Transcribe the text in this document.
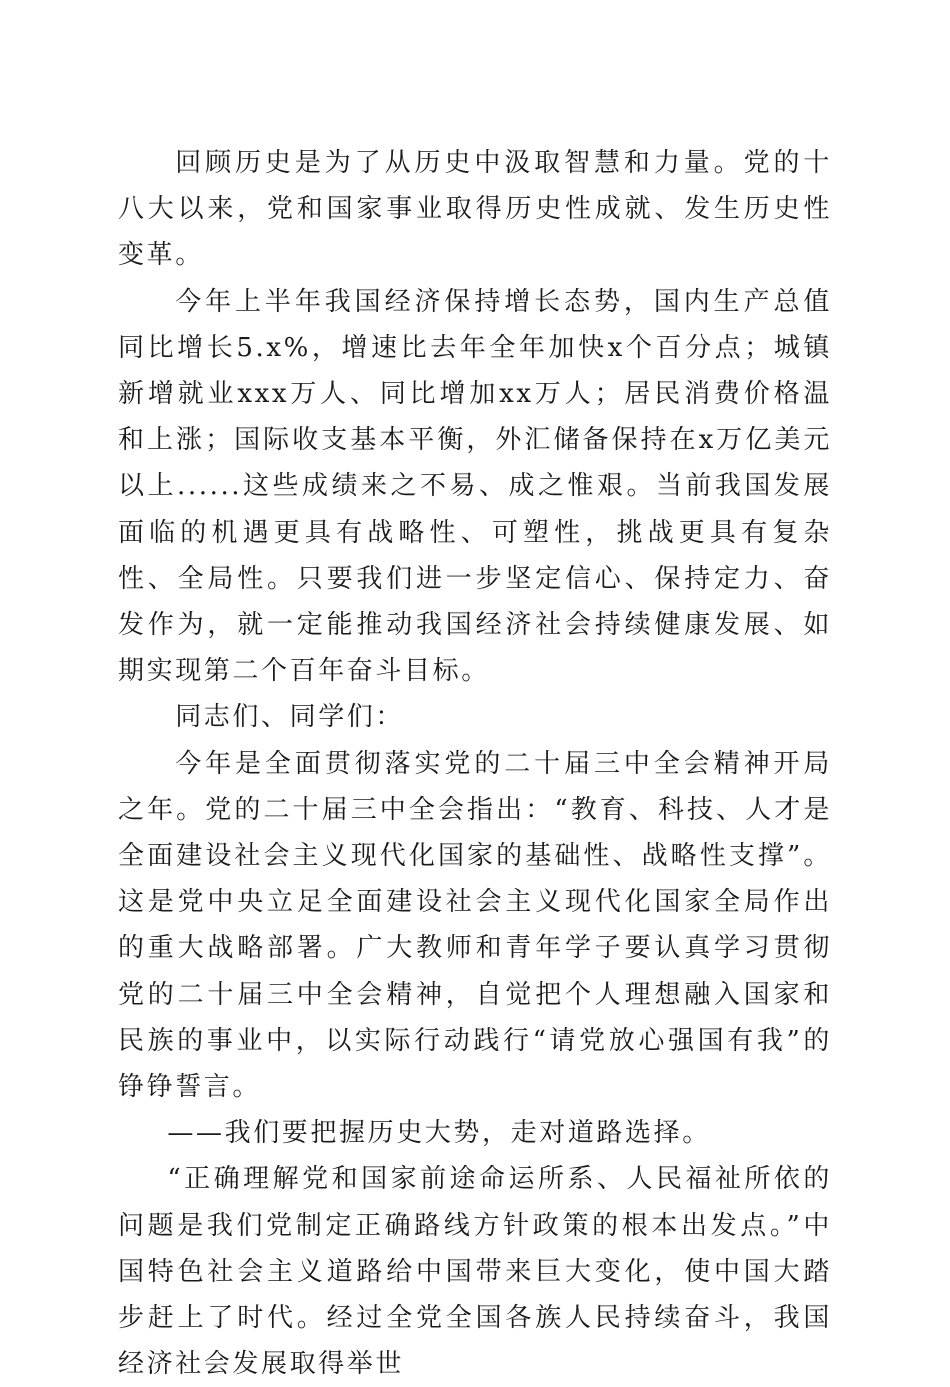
回顾历史是为了从历史中汲取智慧和力量。党的十八大以来，党和国家事业取得历史性成就、发生历史性变革。

今年上半年我国经济保持增长态势，国内生产总值同比增长5.x%，增速比去年全年加快x个百分点；城镇新增就业xxx万人、同比增加xx万人；居民消费价格温和上涨；国际收支基本平衡，外汇储备保持在x万亿美元以上......这些成绩来之不易、成之惟艰。当前我国发展面临的机遇更具有战略性、可塑性，挑战更具有复杂性、全局性。只要我们进一步坚定信心、保持定力、奋发作为，就一定能推动我国经济社会持续健康发展、如期实现第二个百年奋斗目标。

同志们、同学们：

今年是全面贯彻落实党的二十届三中全会精神开局之年。党的二十届三中全会指出：“教育、科技、人才是全面建设社会主义现代化国家的基础性、战略性支撑”。这是党中央立足全面建设社会主义现代化国家全局作出的重大战略部署。广大教师和青年学子要认真学习贯彻党的二十届三中全会精神，自觉把个人理想融入国家和民族的事业中，以实际行动践行“请党放心强国有我”的铮铮誓言。

——我们要把握历史大势，走对道路选择。

“正确理解党和国家前途命运所系、人民福祉所依的问题是我们党制定正确路线方针政策的根本出发点。”中国特色社会主义道路给中国带来巨大变化，使中国大踏步赶上了时代。经过全党全国各族人民持续奋斗，我国经济社会发展取得举世
